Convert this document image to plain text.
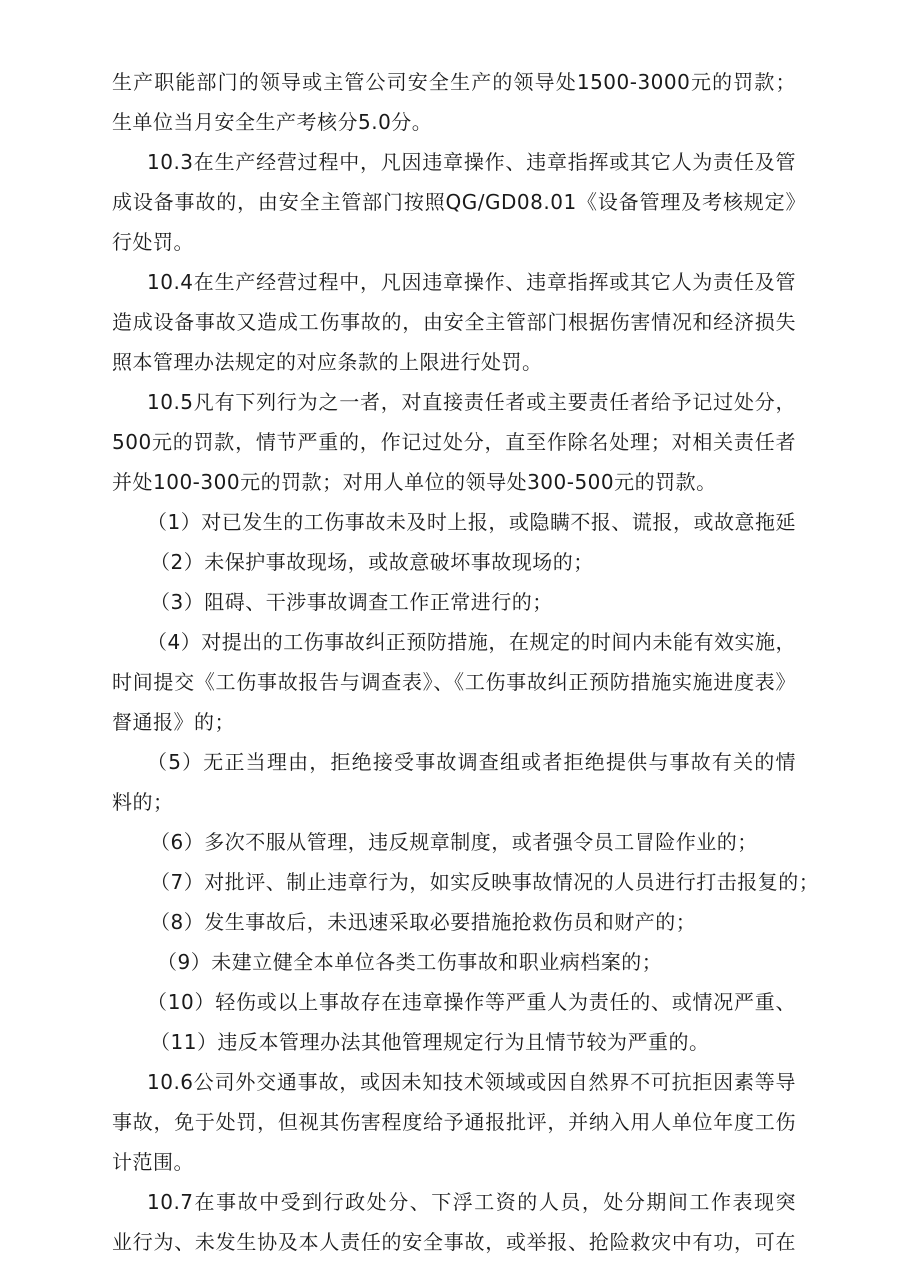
生产职能部门的领导或主管公司安全生产的领导处1500-3000元的罚款；
生单位当月安全生产考核分5.0分。
10.3在生产经营过程中，凡因违章操作、违章指挥或其它人为责任及管
成设备事故的，由安全主管部门按照QG/GD08.01《设备管理及考核规定》
行处罚。
10.4在生产经营过程中，凡因违章操作、违章指挥或其它人为责任及管
造成设备事故又造成工伤事故的，由安全主管部门根据伤害情况和经济损失
照本管理办法规定的对应条款的上限进行处罚。
10.5凡有下列行为之一者，对直接责任者或主要责任者给予记过处分，
500元的罚款，情节严重的，作记过处分，直至作除名处理；对相关责任者
并处100-300元的罚款；对用人单位的领导处300-500元的罚款。
（1）对已发生的工伤事故未及时上报，或隐瞒不报、谎报，或故意拖延
（2）未保护事故现场，或故意破坏事故现场的；
（3）阻碍、干涉事故调查工作正常进行的；
（4）对提出的工伤事故纠正预防措施，在规定的时间内未能有效实施，
时间提交《工伤事故报告与调查表》、《工伤事故纠正预防措施实施进度表》
督通报》的；
（5）无正当理由，拒绝接受事故调查组或者拒绝提供与事故有关的情
料的；
（6）多次不服从管理，违反规章制度，或者强令员工冒险作业的；
（7）对批评、制止违章行为，如实反映事故情况的人员进行打击报复的；
（8）发生事故后，未迅速采取必要措施抢救伤员和财产的；
（9）未建立健全本单位各类工伤事故和职业病档案的；
（10）轻伤或以上事故存在违章操作等严重人为责任的、或情况严重、
（11）违反本管理办法其他管理规定行为且情节较为严重的。
10.6公司外交通事故，或因未知技术领域或因自然界不可抗拒因素等导
事故，免于处罚，但视其伤害程度给予通报批评，并纳入用人单位年度工伤
计范围。
10.7在事故中受到行政处分、下浮工资的人员，处分期间工作表现突
业行为、未发生协及本人责任的安全事故，或举报、抢险救灾中有功，可在
